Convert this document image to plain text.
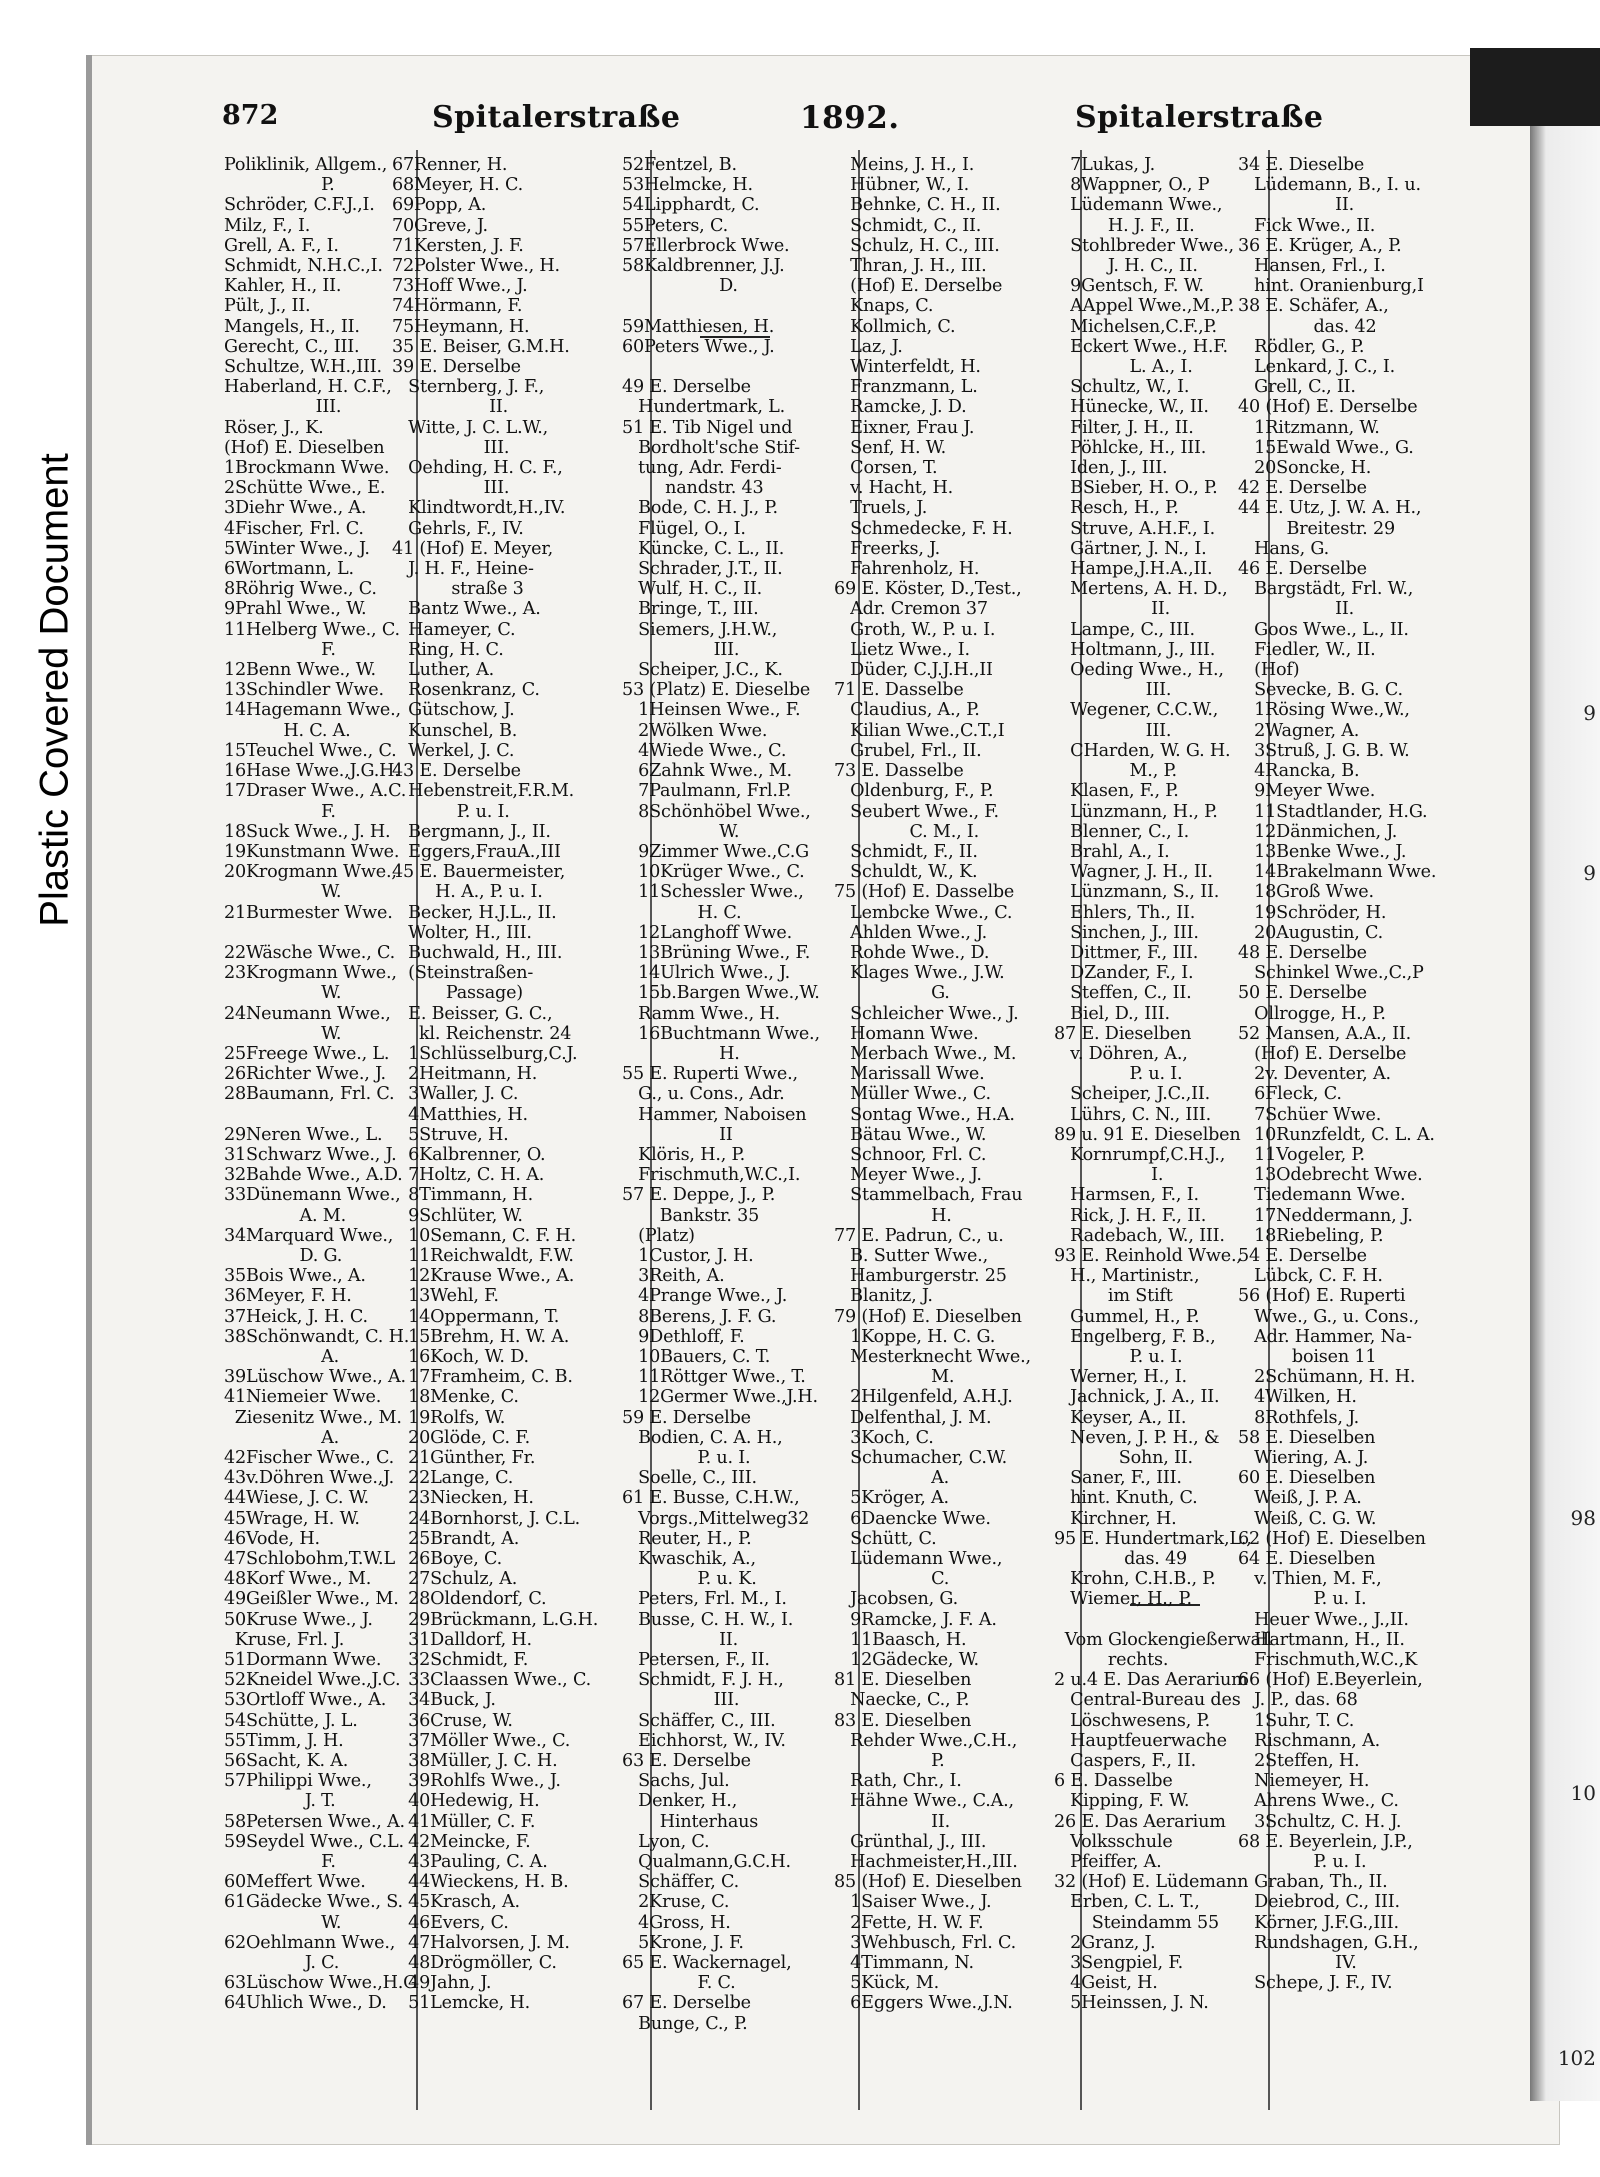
Plastic Covered Document	9
9
98
10
102
872	Spitalerstraße	1892.	Spitalerstraße
Poliklinik, Allgem.,
P.
Schröder, C.F.J.,I.
Milz, F., I.
Grell, A. F., I.
Schmidt, N.H.C.,I.
Kahler, H., II.
Pült, J., II.
Mangels, H., II.
Gerecht, C., III.
Schultze, W.H.,III.
Haberland, H. C.F.,
III.
Röser, J., K.
(Hof) E. Dieselben
1Brockmann Wwe.
2Schütte Wwe., E.
3Diehr Wwe., A.
4Fischer, Frl. C.
5Winter Wwe., J.
6Wortmann, L.
8Röhrig Wwe., C.
9Prahl Wwe., W.
11Helberg Wwe., C.
F.
12Benn Wwe., W.
13Schindler Wwe.
14Hagemann Wwe.,
H. C. A.
15Teuchel Wwe., C.
16Hase Wwe.,J.G.H.
17Draser Wwe., A.C.
F.
18Suck Wwe., J. H.
19Kunstmann Wwe.
20Krogmann Wwe.,
W.
21Burmester Wwe.

22Wäsche Wwe., C.
23Krogmann Wwe.,
W.
24Neumann Wwe.,
W.
25Freege Wwe., L.
26Richter Wwe., J.
28Baumann, Frl. C.

29Neren Wwe., L.
31Schwarz Wwe., J.
32Bahde Wwe., A.D.
33Dünemann Wwe.,
A. M.
34Marquard Wwe.,
D. G.
35Bois Wwe., A.
36Meyer, F. H.
37Heick, J. H. C.
38Schönwandt, C. H.
A.
39Lüschow Wwe., A.
41Niemeier Wwe.
Ziesenitz Wwe., M.
A.
42Fischer Wwe., C.
43v.Döhren Wwe.,J.
44Wiese, J. C. W.
45Wrage, H. W.
46Vode, H.
47Schlobohm,T.W.L
48Korf Wwe., M.
49Geißler Wwe., M.
50Kruse Wwe., J.
Kruse, Frl. J.
51Dormann Wwe.
52Kneidel Wwe.,J.C.
53Ortloff Wwe., A.
54Schütte, J. L.
55Timm, J. H.
56Sacht, K. A.
57Philippi Wwe.,
J. T.
58Petersen Wwe., A.
59Seydel Wwe., C.L.
F.
60Meffert Wwe.
61Gädecke Wwe., S.
W.
62Oehlmann Wwe.,
J. C.
63Lüschow Wwe.,H.G
64Uhlich Wwe., D.
67Renner, H.
68Meyer, H. C.
69Popp, A.
70Greve, J.
71Kersten, J. F.
72Polster Wwe., H.
73Hoff Wwe., J.
74Hörmann, F.
75Heymann, H.
35 E. Beiser, G.M.H.
39 E. Derselbe
Sternberg, J. F.,
II.
Witte, J. C. L.W.,
III.
Oehding, H. C. F.,
III.
Klindtwordt,H.,IV.
Gehrls, F., IV.
41 (Hof) E. Meyer,
J. H. F., Heine-
straße 3
Bantz Wwe., A.
Hameyer, C.
Ring, H. C.
Luther, A.
Rosenkranz, C.
Gütschow, J.
Kunschel, B.
Werkel, J. C.
43 E. Derselbe
Hebenstreit,F.R.M.
P. u. I.
Bergmann, J., II.
Eggers,FrauA.,III
45 E. Bauermeister,
H. A., P. u. I.
Becker, H.J.L., II.
Wolter, H., III.
Buchwald, H., III.
(Steinstraßen-
Passage)
E. Beisser, G. C.,
kl. Reichenstr. 24
1Schlüsselburg,C.J.
2Heitmann, H.
3Waller, J. C.
4Matthies, H.
5Struve, H.
6Kalbrenner, O.
7Holtz, C. H. A.
8Timmann, H.
9Schlüter, W.
10Semann, C. F. H.
11Reichwaldt, F.W.
12Krause Wwe., A.
13Wehl, F.
14Oppermann, T.
15Brehm, H. W. A.
16Koch, W. D.
17Framheim, C. B.
18Menke, C.
19Rolfs, W.
20Glöde, C. F.
21Günther, Fr.
22Lange, C.
23Niecken, H.
24Bornhorst, J. C.L.
25Brandt, A.
26Boye, C.
27Schulz, A.
28Oldendorf, C.
29Brückmann, L.G.H.
31Dalldorf, H.
32Schmidt, F.
33Claassen Wwe., C.
34Buck, J.
36Cruse, W.
37Möller Wwe., C.
38Müller, J. C. H.
39Rohlfs Wwe., J.
40Hedewig, H.
41Müller, C. F.
42Meincke, F.
43Pauling, C. A.
44Wieckens, H. B.
45Krasch, A.
46Evers, C.
47Halvorsen, J. M.
48Drögmöller, C.
49Jahn, J.
51Lemcke, H.
52Fentzel, B.
53Helmcke, H.
54Lipphardt, C.
55Peters, C.
57Ellerbrock Wwe.
58Kaldbrenner, J.J.
D.

59Matthiesen, H.
60Peters Wwe., J.

49 E. Derselbe
Hundertmark, L.
51 E. Tib Nigel und
Bordholt'sche Stif-
tung, Adr. Ferdi-
nandstr. 43
Bode, C. H. J., P.
Flügel, O., I.
Küncke, C. L., II.
Schrader, J.T., II.
Wulf, H. C., II.
Bringe, T., III.
Siemers, J.H.W.,
III.
Scheiper, J.C., K.
53 (Platz) E. Dieselbe
1Heinsen Wwe., F.
2Wölken Wwe.
4Wiede Wwe., C.
6Zahnk Wwe., M.
7Paulmann, Frl.P.
8Schönhöbel Wwe.,
W.
9Zimmer Wwe.,C.G
10Krüger Wwe., C.
11Schessler Wwe.,
H. C.
12Langhoff Wwe.
13Brüning Wwe., F.
14Ulrich Wwe., J.
15b.Bargen Wwe.,W.
Ramm Wwe., H.
16Buchtmann Wwe.,
H.
55 E. Ruperti Wwe.,
G., u. Cons., Adr.
Hammer, Naboisen
II
Klöris, H., P.
Frischmuth,W.C.,I.
57 E. Deppe, J., P.
Bankstr. 35
(Platz)
1Custor, J. H.
3Reith, A.
4Prange Wwe., J.
8Berens, J. F. G.
9Dethloff, F.
10Bauers, C. T.
11Röttger Wwe., T.
12Germer Wwe.,J.H.
59 E. Derselbe
Bodien, C. A. H.,
P. u. I.
Soelle, C., III.
61 E. Busse, C.H.W.,
Vorgs.,Mittelweg32
Reuter, H., P.
Kwaschik, A.,
P. u. K.
Peters, Frl. M., I.
Busse, C. H. W., I.
II.
Petersen, F., II.
Schmidt, F. J. H.,
III.
Schäffer, C., III.
Eichhorst, W., IV.
63 E. Derselbe
Sachs, Jul.
Denker, H.,
Hinterhaus
Lyon, C.
Qualmann,G.C.H.
Schäffer, C.
2Kruse, C.
4Gross, H.
5Krone, J. F.
65 E. Wackernagel,
F. C.
67 E. Derselbe
Bunge, C., P.
Meins, J. H., I.
Hübner, W., I.
Behnke, C. H., II.
Schmidt, C., II.
Schulz, H. C., III.
Thran, J. H., III.
(Hof) E. Derselbe
Knaps, C.
Kollmich, C.
Laz, J.
Winterfeldt, H.
Franzmann, L.
Ramcke, J. D.
Eixner, Frau J.
Senf, H. W.
Corsen, T.
v. Hacht, H.
Truels, J.
Schmedecke, F. H.
Freerks, J.
Fahrenholz, H.
69 E. Köster, D.,Test.,
Adr. Cremon 37
Groth, W., P. u. I.
Lietz Wwe., I.
Düder, C.J.J.H.,II
71 E. Dasselbe
Claudius, A., P.
Kilian Wwe.,C.T.,I
Grubel, Frl., II.
73 E. Dasselbe
Oldenburg, F., P.
Seubert Wwe., F.
C. M., I.
Schmidt, F., II.
Schuldt, W., K.
75 (Hof) E. Dasselbe
Lembcke Wwe., C.
Ahlden Wwe., J.
Rohde Wwe., D.
Klages Wwe., J.W.
G.
Schleicher Wwe., J.
Homann Wwe.
Merbach Wwe., M.
Marissall Wwe.
Müller Wwe., C.
Sontag Wwe., H.A.
Bätau Wwe., W.
Schnoor, Frl. C.
Meyer Wwe., J.
Stammelbach, Frau
H.
77 E. Padrun, C., u.
B. Sutter Wwe.,
Hamburgerstr. 25
Blanitz, J.
79 (Hof) E. Dieselben
1Koppe, H. C. G.
Mesterknecht Wwe.,
M.
2Hilgenfeld, A.H.J.
Delfenthal, J. M.
3Koch, C.
Schumacher, C.W.
A.
5Kröger, A.
6Daencke Wwe.
Schütt, C.
Lüdemann Wwe.,
C.
Jacobsen, G.
9Ramcke, J. F. A.
11Baasch, H.
12Gädecke, W.
81 E. Dieselben
Naecke, C., P.
83 E. Dieselben
Rehder Wwe.,C.H.,
P.
Rath, Chr., I.
Hähne Wwe., C.A.,
II.
Grünthal, J., III.
Hachmeister,H.,III.
85 (Hof) E. Dieselben
1Saiser Wwe., J.
2Fette, H. W. F.
3Wehbusch, Frl. C.
4Timmann, N.
5Kück, M.
6Eggers Wwe.,J.N.
7Lukas, J.
8Wappner, O., P
Lüdemann Wwe.,
H. J. F., II.
Stohlbreder Wwe.,
J. H. C., II.
9Gentsch, F. W.
AAppel Wwe.,M.,P.
Michelsen,C.F.,P.
Eckert Wwe., H.F.
L. A., I.
Schultz, W., I.
Hünecke, W., II.
Filter, J. H., II.
Pöhlcke, H., III.
Iden, J., III.
BSieber, H. O., P.
Resch, H., P.
Struve, A.H.F., I.
Gärtner, J. N., I.
Hampe,J.H.A.,II.
Mertens, A. H. D.,
II.
Lampe, C., III.
Holtmann, J., III.
Oeding Wwe., H.,
III.
Wegener, C.C.W.,
III.
CHarden, W. G. H.
M., P.
Klasen, F., P.
Lünzmann, H., P.
Blenner, C., I.
Brahl, A., I.
Wagner, J. H., II.
Lünzmann, S., II.
Ehlers, Th., II.
Sinchen, J., III.
Dittmer, F., III.
DZander, F., I.
Steffen, C., II.
Biel, D., III.
87 E. Dieselben
v. Döhren, A.,
P. u. I.
Scheiper, J.C.,II.
Lührs, C. N., III.
89 u. 91 E. Dieselben
Kornrumpf,C.H.J.,
I.
Harmsen, F., I.
Rick, J. H. F., II.
Radebach, W., III.
93 E. Reinhold Wwe.,
H., Martinistr.,
im Stift
Gummel, H., P.
Engelberg, F. B.,
P. u. I.
Werner, H., I.
Jachnick, J. A., II.
Keyser, A., II.
Neven, J. P. H., &
Sohn, II.
Saner, F., III.
hint. Knuth, C.
Kirchner, H.
95 E. Hundertmark,L.,
das. 49
Krohn, C.H.B., P.
Wiemer, H., P.

Vom Glockengießerwall
rechts.
2 u.4 E. Das Aerarium
Central-Bureau des
Löschwesens, P.
Hauptfeuerwache
Caspers, F., II.
6 E. Dasselbe
Kipping, F. W.
26 E. Das Aerarium
Volksschule
Pfeiffer, A.
32 (Hof) E. Lüdemann
Erben, C. L. T.,
Steindamm 55
2Granz, J.
3Sengpiel, F.
4Geist, H.
5Heinssen, J. N.
34 E. Dieselbe
Lüdemann, B., I. u.
II.
Fick Wwe., II.
36 E. Krüger, A., P.
Hansen, Frl., I.
hint. Oranienburg,I
38 E. Schäfer, A.,
das. 42
Rödler, G., P.
Lenkard, J. C., I.
Grell, C., II.
40 (Hof) E. Derselbe
1Ritzmann, W.
15Ewald Wwe., G.
20Soncke, H.
42 E. Derselbe
44 E. Utz, J. W. A. H.,
Breitestr. 29
Hans, G.
46 E. Derselbe
Bargstädt, Frl. W.,
II.
Goos Wwe., L., II.
Fiedler, W., II.
(Hof)
Sevecke, B. G. C.
1Rösing Wwe.,W.,
2Wagner, A.
3Struß, J. G. B. W.
4Rancka, B.
9Meyer Wwe.
11Stadtlander, H.G.
12Dänmichen, J.
13Benke Wwe., J.
14Brakelmann Wwe.
18Groß Wwe.
19Schröder, H.
20Augustin, C.
48 E. Derselbe
Schinkel Wwe.,C.,P
50 E. Derselbe
Ollrogge, H., P.
52 Mansen, A.A., II.
(Hof) E. Derselbe
2v. Deventer, A.
6Fleck, C.
7Schüer Wwe.
10Runzfeldt, C. L. A.
11Vogeler, P.
13Odebrecht Wwe.
Tiedemann Wwe.
17Neddermann, J.
18Riebeling, P.
54 E. Derselbe
Lübck, C. F. H.
56 (Hof) E. Ruperti
Wwe., G., u. Cons.,
Adr. Hammer, Na-
boisen 11
2Schümann, H. H.
4Wilken, H.
8Rothfels, J.
58 E. Dieselben
Wiering, A. J.
60 E. Dieselben
Weiß, J. P. A.
Weiß, C. G. W.
62 (Hof) E. Dieselben
64 E. Dieselben
v. Thien, M. F.,
P. u. I.
Heuer Wwe., J.,II.
Hartmann, H., II.
Frischmuth,W.C.,K
66 (Hof) E.Beyerlein,
J. P., das. 68
1Suhr, T. C.
Rischmann, A.
2Steffen, H.
Niemeyer, H.
Ahrens Wwe., C.
3Schultz, C. H. J.
68 E. Beyerlein, J.P.,
P. u. I.
Graban, Th., II.
Deiebrod, C., III.
Körner, J.F.G.,III.
Rundshagen, G.H.,
IV.
Schepe, J. F., IV.
